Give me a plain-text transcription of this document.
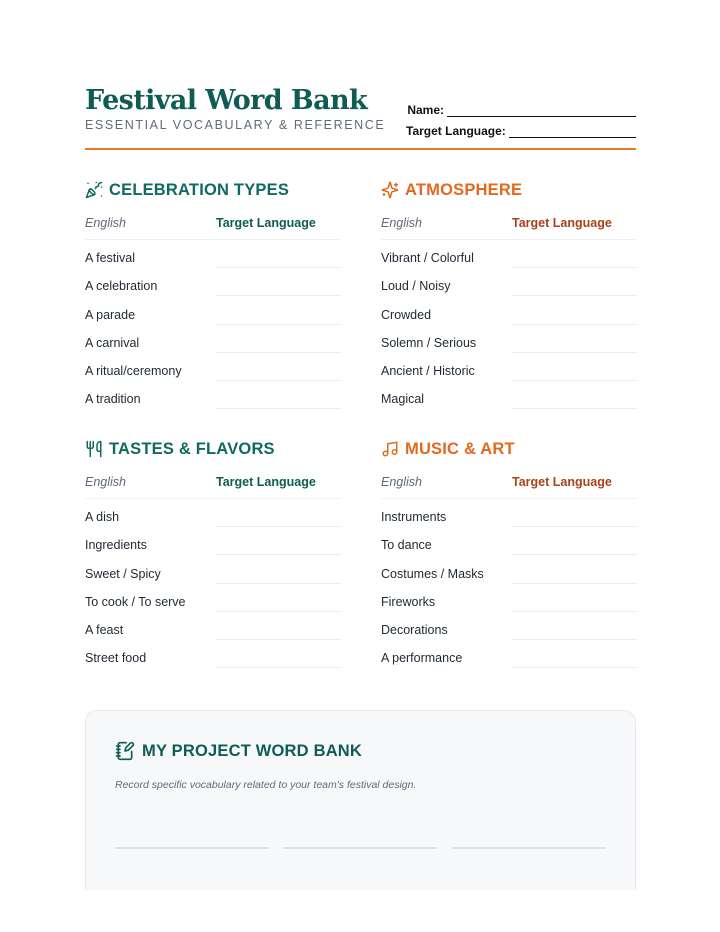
Festival Word Bank
ESSENTIAL VOCABULARY & REFERENCE
Name:
Target Language:
CELEBRATION TYPES
English	Target Language
A festival
A celebration
A parade
A carnival
A ritual/ceremony
A tradition
ATMOSPHERE
English	Target Language
Vibrant / Colorful
Loud / Noisy
Crowded
Solemn / Serious
Ancient / Historic
Magical
TASTES & FLAVORS
English	Target Language
A dish
Ingredients
Sweet / Spicy
To cook / To serve
A feast
Street food
MUSIC & ART
English	Target Language
Instruments
To dance
Costumes / Masks
Fireworks
Decorations
A performance
MY PROJECT WORD BANK
Record specific vocabulary related to your team's festival design.
